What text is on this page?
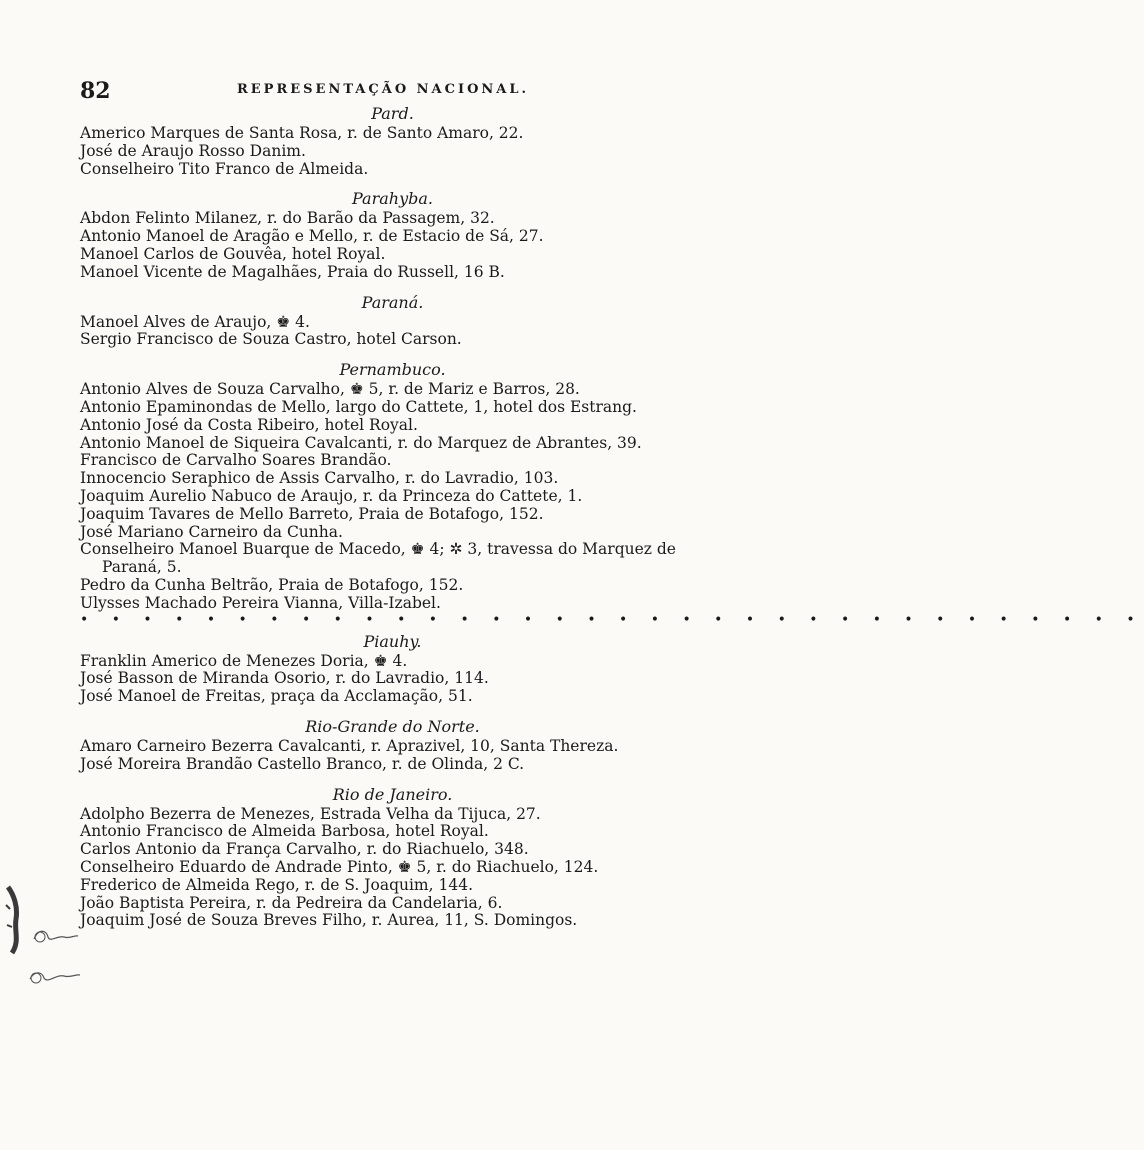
82	REPRESENTAÇÃO NACIONAL.
Pard.
Americo Marques de Santa Rosa, r. de Santo Amaro, 22.
José de Araujo Rosso Danim.
Conselheiro Tito Franco de Almeida.
Parahyba.
Abdon Felinto Milanez, r. do Barão da Passagem, 32.
Antonio Manoel de Aragão e Mello, r. de Estacio de Sá, 27.
Manoel Carlos de Gouvêa, hotel Royal.
Manoel Vicente de Magalhães, Praia do Russell, 16 B.
Paraná.
Manoel Alves de Araujo, ♚ 4.
Sergio Francisco de Souza Castro, hotel Carson.
Pernambuco.
Antonio Alves de Souza Carvalho, ♚ 5, r. de Mariz e Barros, 28.
Antonio Epaminondas de Mello, largo do Cattete, 1, hotel dos Estrang.
Antonio José da Costa Ribeiro, hotel Royal.
Antonio Manoel de Siqueira Cavalcanti, r. do Marquez de Abrantes, 39.
Francisco de Carvalho Soares Brandão.
Innocencio Seraphico de Assis Carvalho, r. do Lavradio, 103.
Joaquim Aurelio Nabuco de Araujo, r. da Princeza do Cattete, 1.
Joaquim Tavares de Mello Barreto, Praia de Botafogo, 152.
José Mariano Carneiro da Cunha.
Conselheiro Manoel Buarque de Macedo, ♚ 4; ✲ 3, travessa do Marquez de Paraná, 5.
Pedro da Cunha Beltrão, Praia de Botafogo, 152.
Ulysses Machado Pereira Vianna, Villa-Izabel.
• • • • • • • • • • • • • • • • • • • • • • • • • • • • • • • • • •
Piauhy.
Franklin Americo de Menezes Doria, ♚ 4.
José Basson de Miranda Osorio, r. do Lavradio, 114.
José Manoel de Freitas, praça da Acclamação, 51.
Rio-Grande do Norte.
Amaro Carneiro Bezerra Cavalcanti, r. Aprazivel, 10, Santa Thereza.
José Moreira Brandão Castello Branco, r. de Olinda, 2 C.
Rio de Janeiro.
Adolpho Bezerra de Menezes, Estrada Velha da Tijuca, 27.
Antonio Francisco de Almeida Barbosa, hotel Royal.
Carlos Antonio da França Carvalho, r. do Riachuelo, 348.
Conselheiro Eduardo de Andrade Pinto, ♚ 5, r. do Riachuelo, 124.
Frederico de Almeida Rego, r. de S. Joaquim, 144.
João Baptista Pereira, r. da Pedreira da Candelaria, 6.
Joaquim José de Souza Breves Filho, r. Aurea, 11, S. Domingos.
